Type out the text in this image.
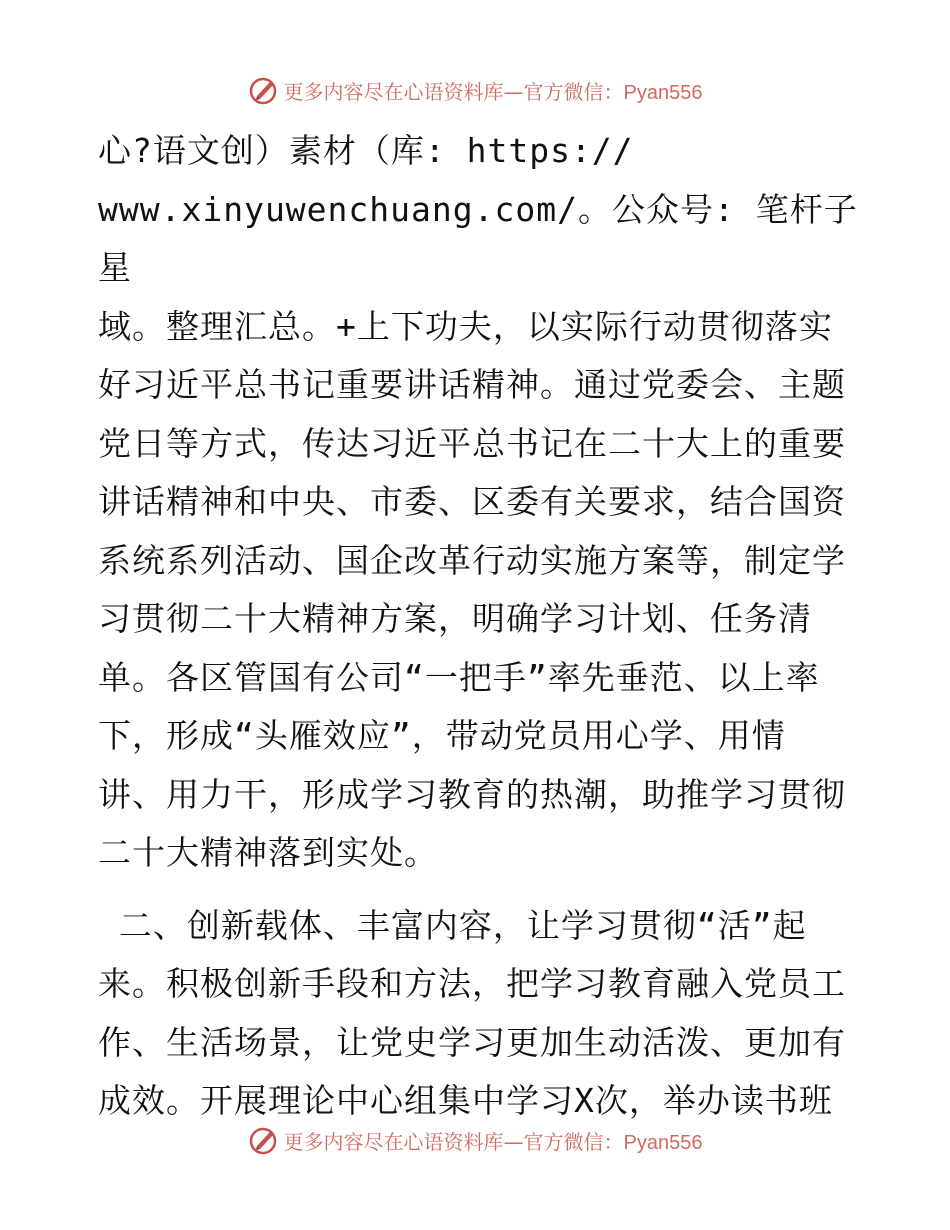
更多内容尽在心语资料库—官方微信：Pyan556

心?语文创）素材（库: https://

www.xinyuwenchuang.com/。公众号: 笔杆子星

域。整理汇总。+上下功夫，以实际行动贯彻落实

好习近平总书记重要讲话精神。通过党委会、主题

党日等方式，传达习近平总书记在二十大上的重要

讲话精神和中央、市委、区委有关要求，结合国资

系统系列活动、国企改革行动实施方案等，制定学

习贯彻二十大精神方案，明确学习计划、任务清

单。各区管国有公司“一把手”率先垂范、以上率

下，形成“头雁效应”，带动党员用心学、用情

讲、用力干，形成学习教育的热潮，助推学习贯彻

二十大精神落到实处。

二、创新载体、丰富内容，让学习贯彻“活”起

来。积极创新手段和方法，把学习教育融入党员工

作、生活场景，让党史学习更加生动活泼、更加有

成效。开展理论中心组集中学习X次，举办读书班

更多内容尽在心语资料库—官方微信：Pyan556
